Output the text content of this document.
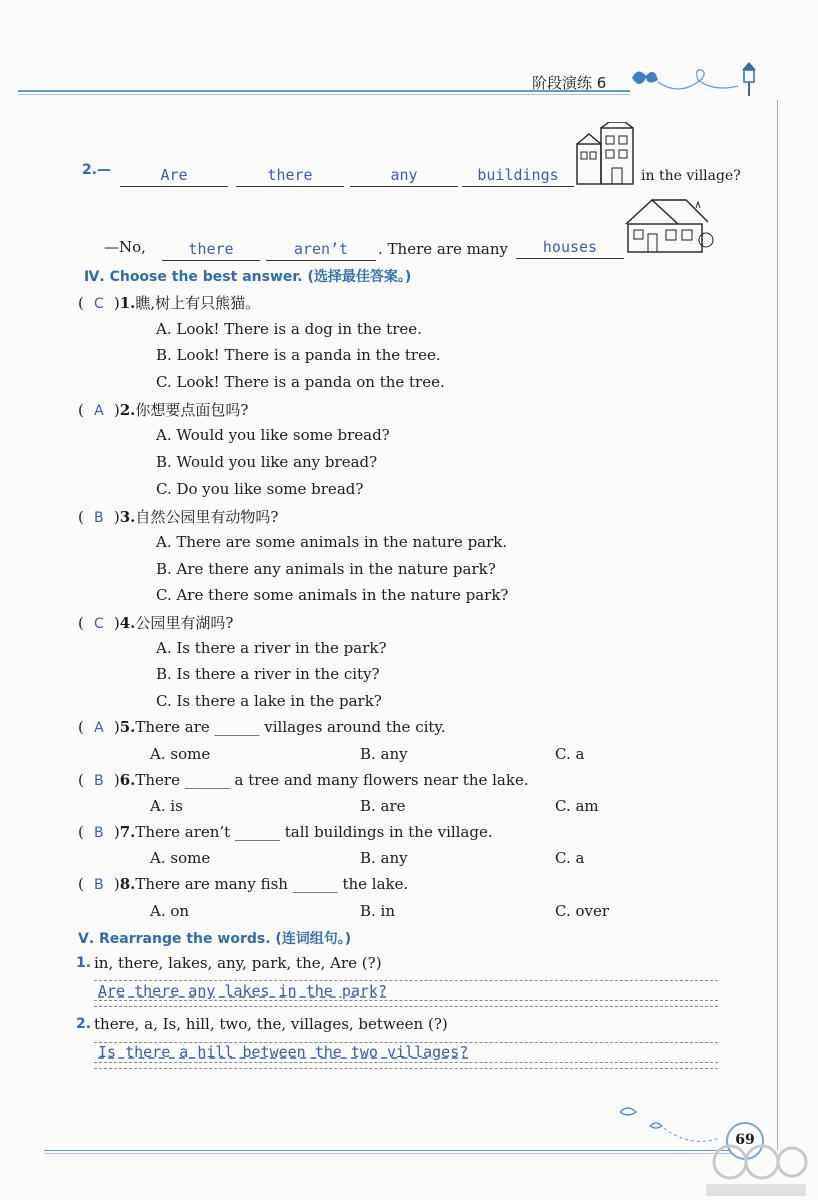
阶段演练 6
2.—	Are	there	any	buildings	in the village?
—No,	there	aren’t	. There are many	houses
Ⅳ. Choose the best answer. (选择最佳答案。)
( C )1.瞧,树上有只熊猫。
A. Look! There is a dog in the tree.
B. Look! There is a panda in the tree.
C. Look! There is a panda on the tree.
( A )2.你想要点面包吗?
A. Would you like some bread?
B. Would you like any bread?
C. Do you like some bread?
( B )3.自然公园里有动物吗?
A. There are some animals in the nature park.
B. Are there any animals in the nature park?
C. Are there some animals in the nature park?
( C )4.公园里有湖吗?
A. Is there a river in the park?
B. Is there a river in the city?
C. Is there a lake in the park?
( A )5.There are ______ villages around the city.
A. some	B. any	C. a
( B )6.There ______ a tree and many flowers near the lake.
A. is	B. are	C. am
( B )7.There aren’t ______ tall buildings in the village.
A. some	B. any	C. a
( B )8.There are many fish ______ the lake.
A. on	B. in	C. over
Ⅴ. Rearrange the words. (连词组句。)
1. in, there, lakes, any, park, the, Are (?)
Are there any lakes in the park?
2. there, a, Is, hill, two, the, villages, between (?)
Is there a hill between the two villages?
69
